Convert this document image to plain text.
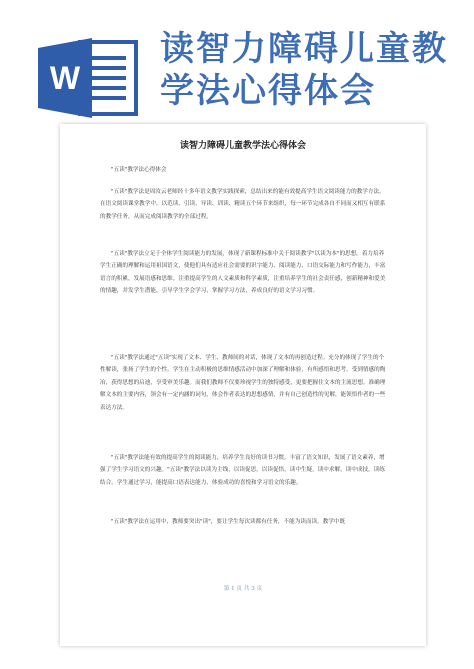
W
读智力障碍儿童教学法心得体会
读智力障碍儿童教学法心得体会
"五读"教学法心得体会
"五读"教学法是周汝云老师经十多年语文教学实践探索，总结出来的能有效提高学生语文阅读能力的教学方法。在语文阅读课堂教学中，以范读、引读、导读、训读、精读五个环节来组织，每一环节完成各自不同而又相互有联系的教学任务，从而完成阅读教学的全部过程。
"五读"教学法立足于全体学生阅读能力的发展，体现了新课程标准中关于阅读教学"以读为本"的思想。着力培养学生正确的理解和运用祖国语文，使他们具有适应社会需要的识字能力、阅读能力、口语交际能力和写作能力，丰富语言的积累，发展语感和思维。注重提高学生的人文素质和科学素质，注重培养学生的社会责任感，创新精神和爱美的情趣，并发学生潜能，引导学生学会学习，掌握学习方法，养成良好的语文学习习惯。
"五读"教学法通过"五读"实现了文本、学生、教师间的对话，体现了文本的再创造过程。充分的体现了学生的个性解读，张扬了学生的个性。学生在主动积极的思维情感活动中加深了理解和体验，有所感悟和思考，受到情感的陶冶，获得思想的启迪，享受审美乐趣。而我们教师不仅要珍视学生的独特感受，更要把握住文本的主流思想。准确理解文本的主要内容，领会有一定内涵的词句，体会作者表达的思想感情，并有自己创造性的见解，能领悟作者的一些表达方法。
"五读"教学法能有效的提高学生的阅读能力，培养学生良好的读书习惯。丰富了语文知识，发展了语文素养，增强了学生学习语文的兴趣。"五读"教学法以读为主线，以读促思，以读促悟，读中生疑，读中求解，读中成技，读练结合。学生通过学习，能提高口语表达能力，体验成功的喜悦和学习语文的乐趣。
"五读"教学法在运用中，教师要突出"读"，要让学生每次读都有任务，不能为读而读。教学中既
第 1 页 共 3 页
